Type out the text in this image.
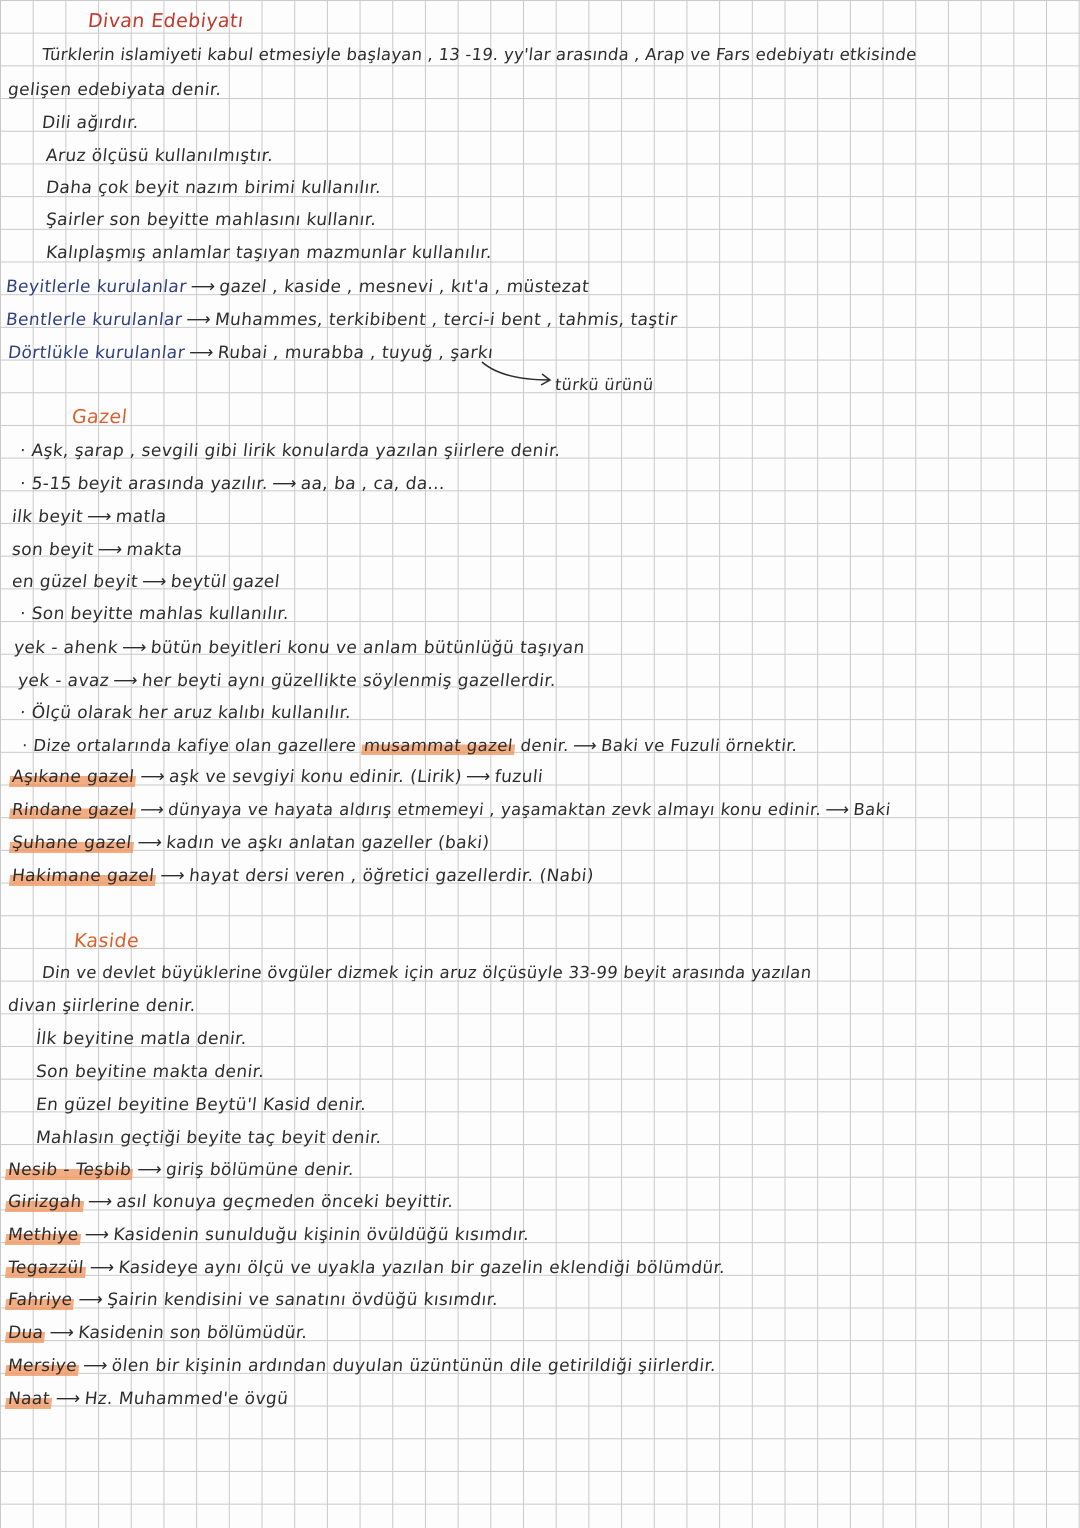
Divan Edebiyatı
Türklerin islamiyeti kabul etmesiyle başlayan , 13 -19. yy'lar arasında , Arap ve Fars edebiyatı etkisinde
gelişen edebiyata denir.
Dili ağırdır.
Aruz ölçüsü kullanılmıştır.
Daha çok beyit nazım birimi kullanılır.
Şairler son beyitte mahlasını kullanır.
Kalıplaşmış anlamlar taşıyan mazmunlar kullanılır.
Beyitlerle kurulanlar ⟶ gazel , kaside , mesnevi , kıt'a , müstezat
Bentlerle kurulanlar ⟶ Muhammes, terkibibent , terci-i bent , tahmis, taştir
Dörtlükle kurulanlar ⟶ Rubai , murabba , tuyuğ , şarkı
türkü ürünü
Gazel
· Aşk, şarap , sevgili gibi lirik konularda yazılan şiirlere denir.
· 5-15 beyit arasında yazılır. ⟶ aa, ba , ca, da...
ilk beyit ⟶ matla
son beyit ⟶ makta
en güzel beyit ⟶ beytül gazel
· Son beyitte mahlas kullanılır.
yek - ahenk ⟶ bütün beyitleri konu ve anlam bütünlüğü taşıyan
yek - avaz ⟶ her beyti aynı güzellikte söylenmiş gazellerdir.
· Ölçü olarak her aruz kalıbı kullanılır.
· Dize ortalarında kafiye olan gazellere musammat gazel denir. ⟶ Baki ve Fuzuli örnektir.
Aşıkane gazel ⟶ aşk ve sevgiyi konu edinir. (Lirik) ⟶ fuzuli
Rindane gazel ⟶ dünyaya ve hayata aldırış etmemeyi , yaşamaktan zevk almayı konu edinir. ⟶ Baki
Şuhane gazel ⟶ kadın ve aşkı anlatan gazeller (baki)
Hakimane gazel ⟶ hayat dersi veren , öğretici gazellerdir. (Nabi)
Kaside
Din ve devlet büyüklerine övgüler dizmek için aruz ölçüsüyle 33-99 beyit arasında yazılan
divan şiirlerine denir.
İlk beyitine matla denir.
Son beyitine makta denir.
En güzel beyitine Beytü'l Kasid denir.
Mahlasın geçtiği beyite taç beyit denir.
Nesib - Teşbib ⟶ giriş bölümüne denir.
Girizgah ⟶ asıl konuya geçmeden önceki beyittir.
Methiye ⟶ Kasidenin sunulduğu kişinin övüldüğü kısımdır.
Tegazzül ⟶ Kasideye aynı ölçü ve uyakla yazılan bir gazelin eklendiği bölümdür.
Fahriye ⟶ Şairin kendisini ve sanatını övdüğü kısımdır.
Dua ⟶ Kasidenin son bölümüdür.
Mersiye ⟶ ölen bir kişinin ardından duyulan üzüntünün dile getirildiği şiirlerdir.
Naat ⟶ Hz. Muhammed'e övgü
